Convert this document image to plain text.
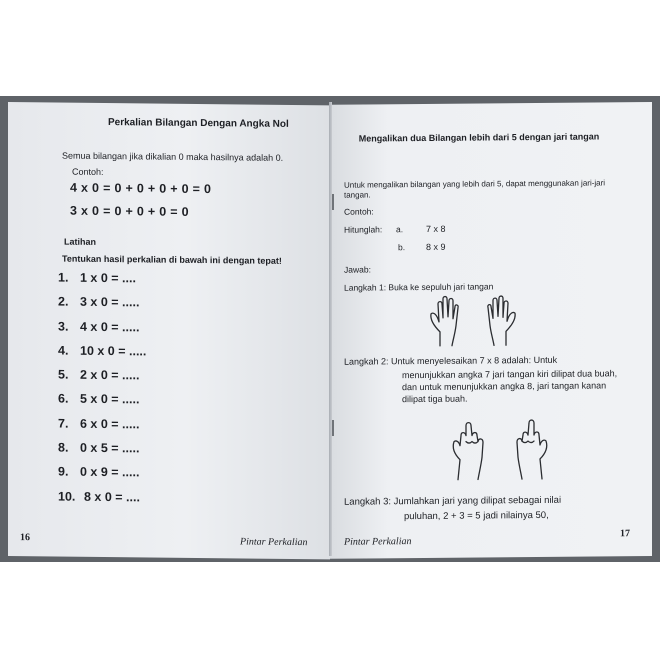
Perkalian Bilangan Dengan Angka Nol
Semua bilangan jika dikalian 0 maka hasilnya adalah 0.
Contoh:
4 x 0 = 0 + 0 + 0 + 0 = 0
3 x 0 = 0 + 0 + 0 = 0
Latihan
Tentukan hasil perkalian di bawah ini dengan tepat!
1. 1 x 0 = ....
2. 3 x 0 = .....
3. 4 x 0 = .....
4. 10 x 0 = .....
5. 2 x 0 = .....
6. 5 x 0 = .....
7. 6 x 0 = .....
8. 0 x 5 = .....
9. 0 x 9 = .....
10. 8 x 0 = ....
16	Pintar Perkalian
Mengalikan dua Bilangan lebih dari 5 dengan jari tangan
Untuk mengalikan bilangan yang lebih dari 5, dapat menggunakan jari-jari tangan.
Contoh:
Hitunglah: a.	7 x 8
b. 8 x 9
Jawab:
Langkah 1: Buka ke sepuluh jari tangan
Langkah 2: Untuk menyelesaikan 7 x 8 adalah: Untuk
menunjukkan angka 7 jari tangan kiri dilipat dua buah, dan untuk menunjukkan angka 8, jari tangan kanan dilipat tiga buah.
Langkah 3: Jumlahkan jari yang dilipat sebagai nilai
puluhan, 2 + 3 = 5 jadi nilainya 50,
Pintar Perkalian
17
